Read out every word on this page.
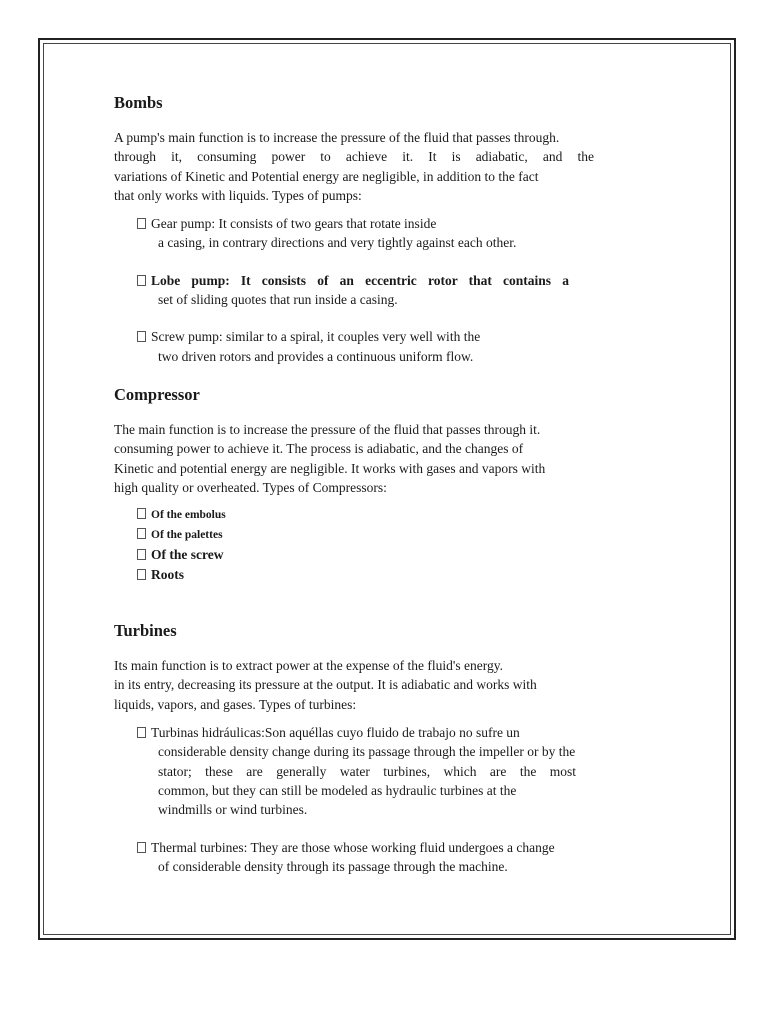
Bombs

A pump's main function is to increase the pressure of the fluid that passes through.
through it, consuming power to achieve it. It is adiabatic, and the
variations of Kinetic and Potential energy are negligible, in addition to the fact
that only works with liquids. Types of pumps:

Gear pump: It consists of two gears that rotate inside
a casing, in contrary directions and very tightly against each other.
Lobe pump: It consists of an eccentric rotor that contains a
set of sliding quotes that run inside a casing.
Screw pump: similar to a spiral, it couples very well with the
two driven rotors and provides a continuous uniform flow.
Compressor

The main function is to increase the pressure of the fluid that passes through it.
consuming power to achieve it. The process is adiabatic, and the changes of
Kinetic and potential energy are negligible. It works with gases and vapors with
high quality or overheated. Types of Compressors:

Of the embolus
Of the palettes
Of the screw
Roots
Turbines

Its main function is to extract power at the expense of the fluid's energy.
in its entry, decreasing its pressure at the output. It is adiabatic and works with
liquids, vapors, and gases. Types of turbines:

Turbinas hidráulicas:Son aquéllas cuyo fluido de trabajo no sufre un
considerable density change during its passage through the impeller or by the
stator; these are generally water turbines, which are the most
common, but they can still be modeled as hydraulic turbines at the
windmills or wind turbines.
Thermal turbines: They are those whose working fluid undergoes a change
of considerable density through its passage through the machine.
